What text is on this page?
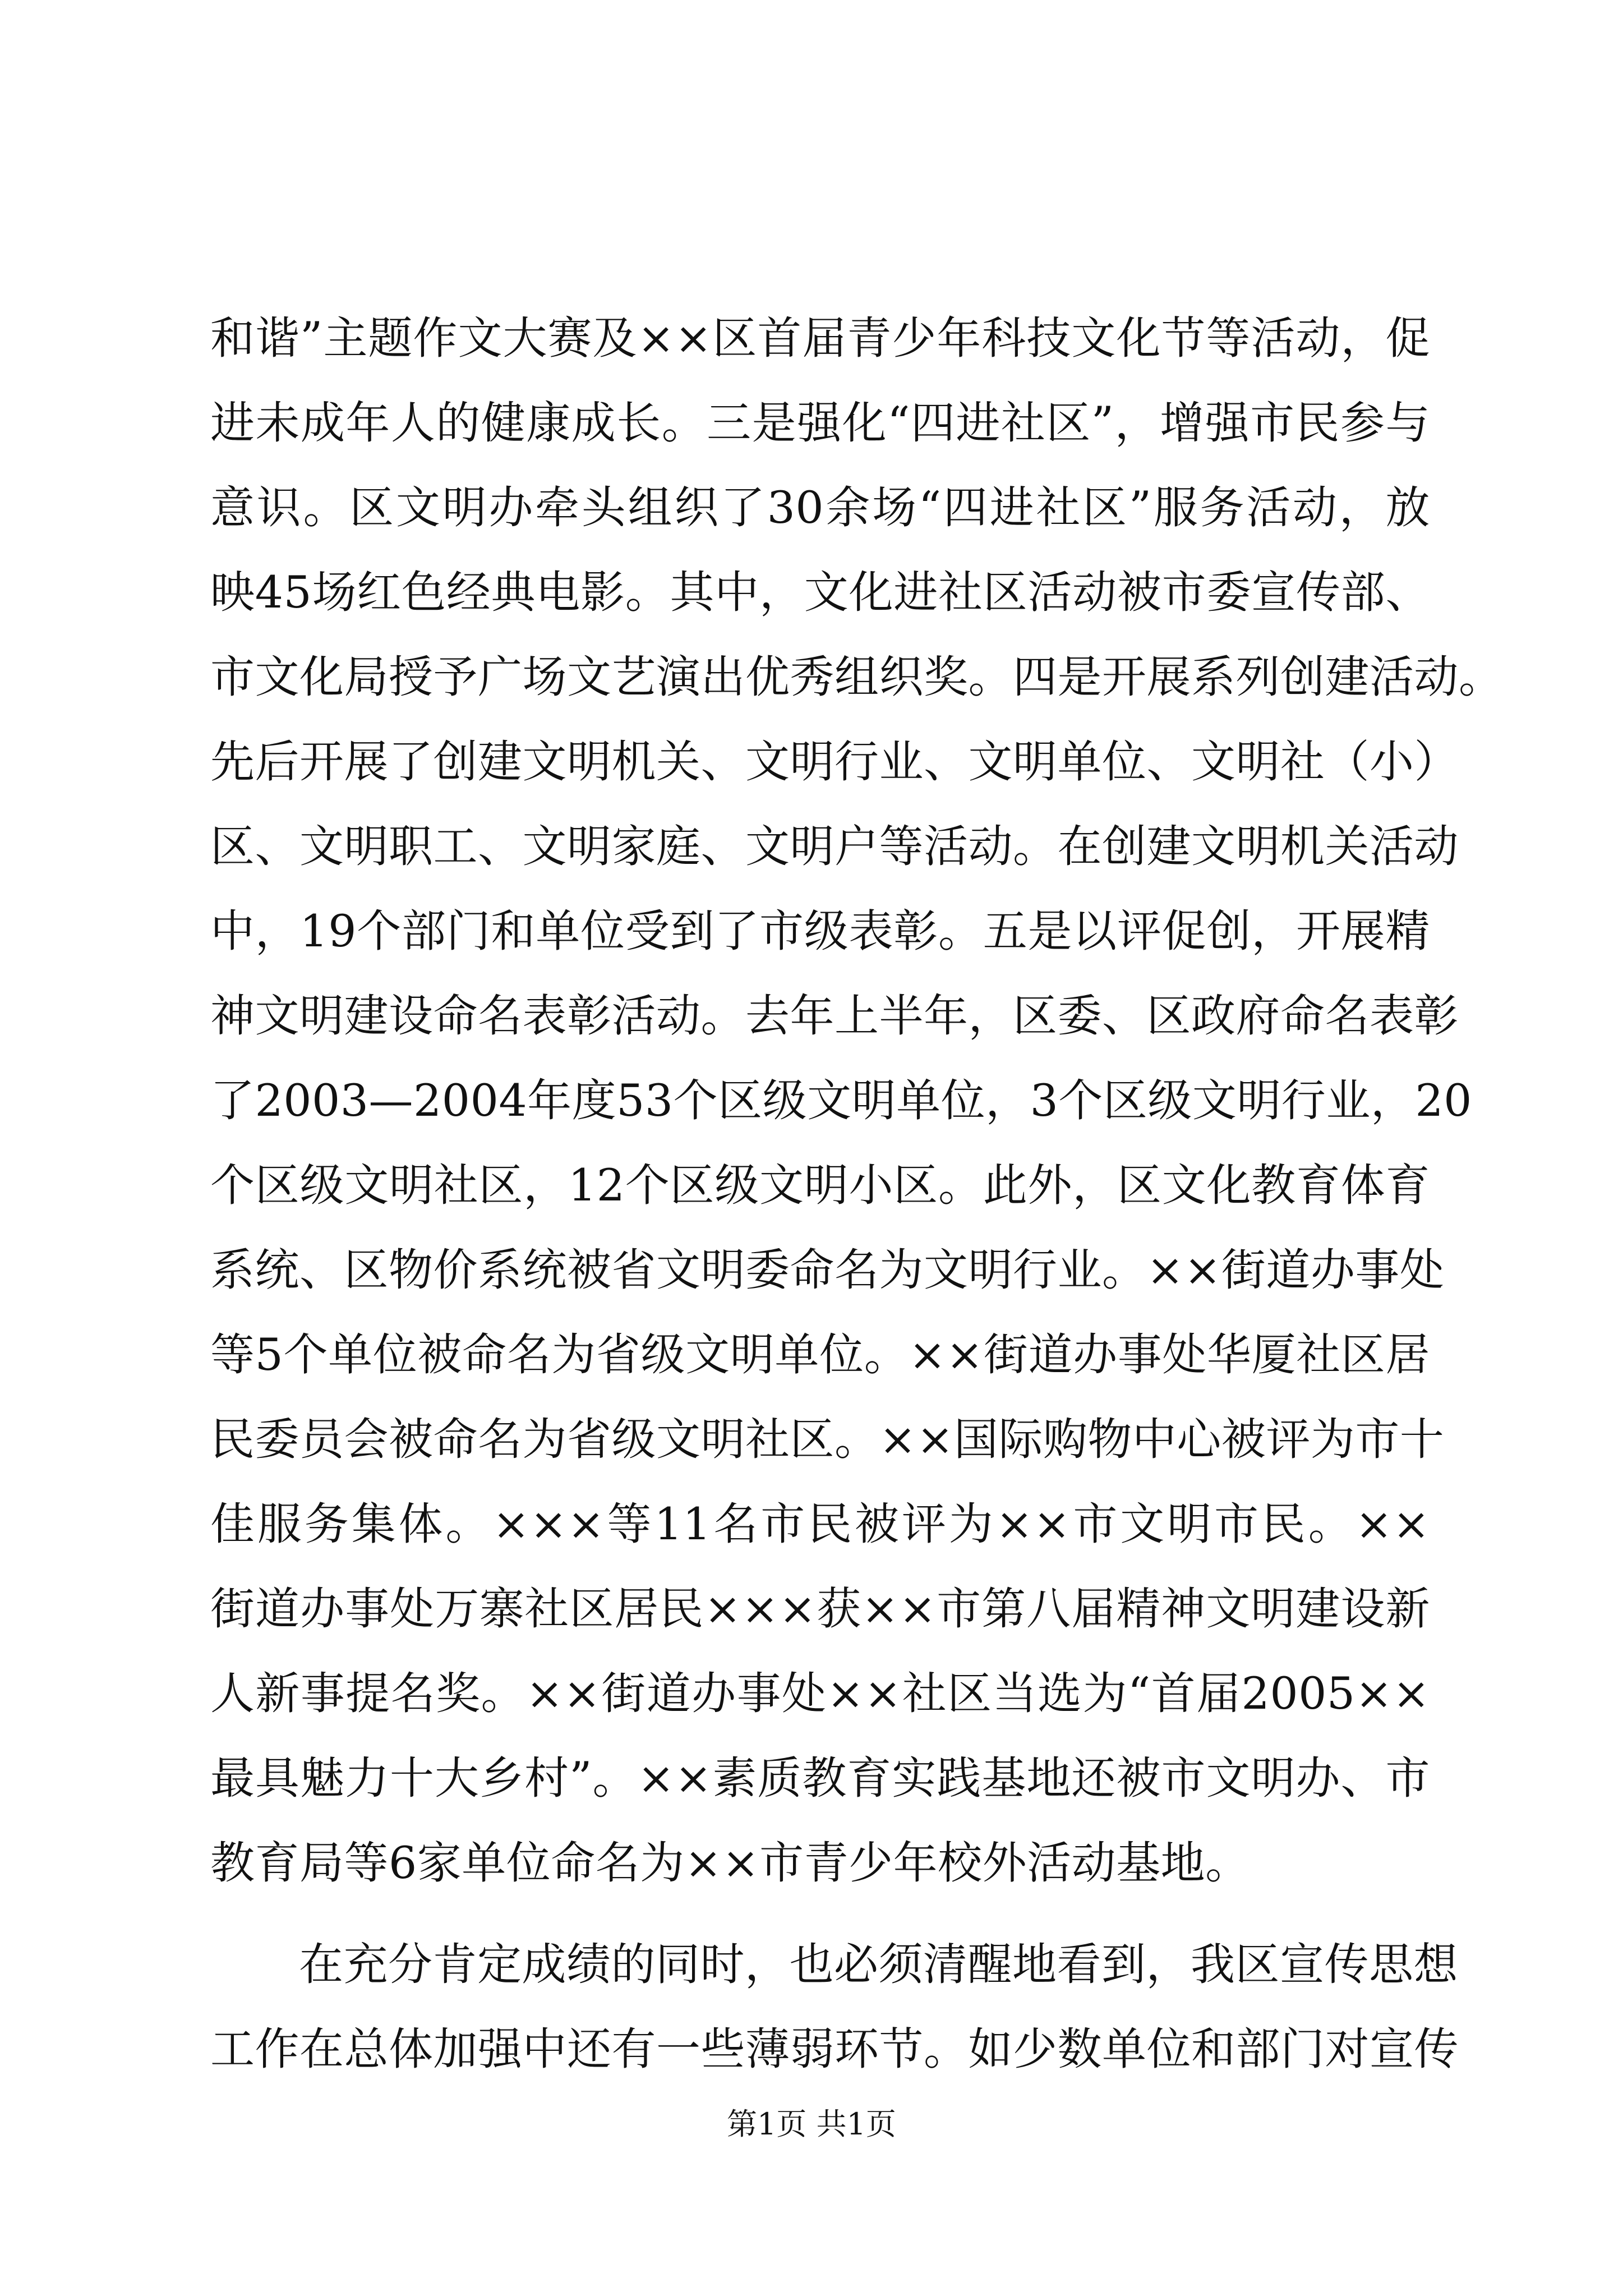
和谐”主题作文大赛及××区首届青少年科技文化节等活动，促
进未成年人的健康成长。三是强化“四进社区”，增强市民参与
意识。区文明办牵头组织了30余场“四进社区”服务活动，放
映45场红色经典电影。其中，文化进社区活动被市委宣传部、
市文化局授予广场文艺演出优秀组织奖。四是开展系列创建活动。
先后开展了创建文明机关、文明行业、文明单位、文明社（小）
区、文明职工、文明家庭、文明户等活动。在创建文明机关活动
中，19个部门和单位受到了市级表彰。五是以评促创，开展精
神文明建设命名表彰活动。去年上半年，区委、区政府命名表彰
了2003—2004年度53个区级文明单位，3个区级文明行业，20
个区级文明社区，12个区级文明小区。此外，区文化教育体育
系统、区物价系统被省文明委命名为文明行业。××街道办事处
等5个单位被命名为省级文明单位。××街道办事处华厦社区居
民委员会被命名为省级文明社区。××国际购物中心被评为市十
佳服务集体。×××等11名市民被评为××市文明市民。××
街道办事处万寨社区居民×××获××市第八届精神文明建设新
人新事提名奖。××街道办事处××社区当选为“首届2005××
最具魅力十大乡村”。××素质教育实践基地还被市文明办、市
教育局等6家单位命名为××市青少年校外活动基地。
在充分肯定成绩的同时，也必须清醒地看到，我区宣传思想
工作在总体加强中还有一些薄弱环节。如少数单位和部门对宣传
第1页 共1页
